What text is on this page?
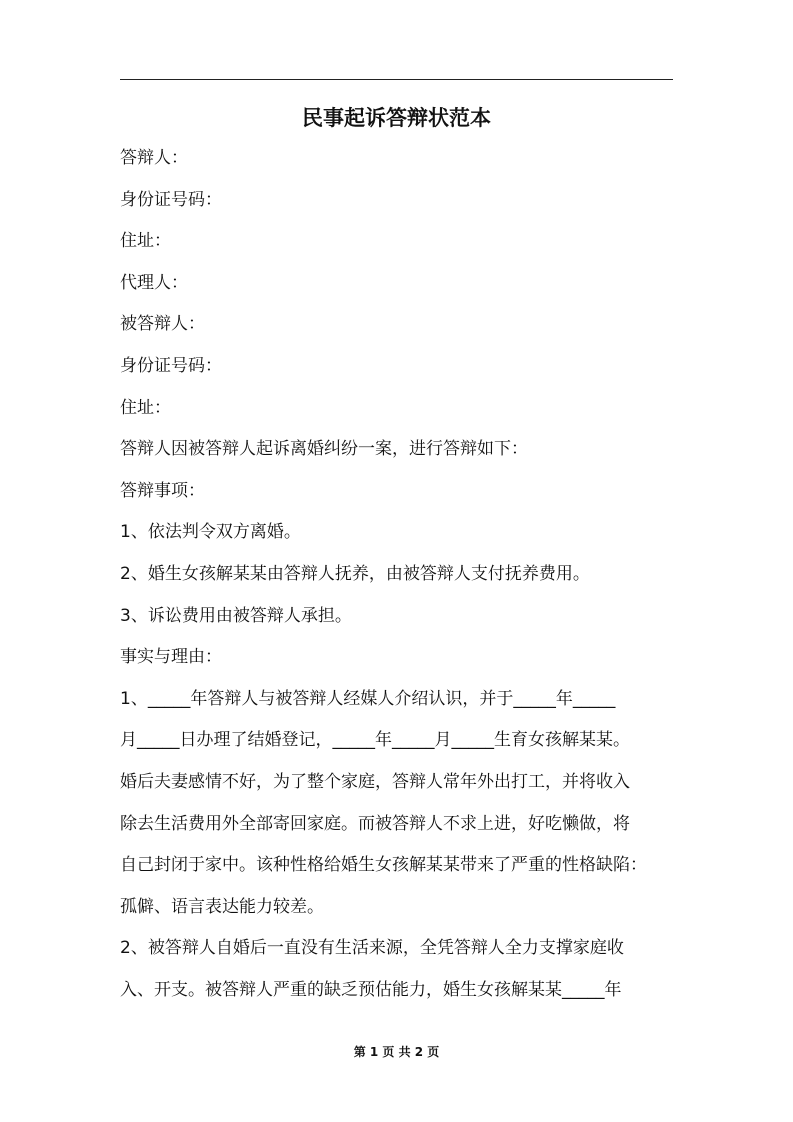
民事起诉答辩状范本
答辩人：
身份证号码：
住址：
代理人：
被答辩人：
身份证号码：
住址：
答辩人因被答辩人起诉离婚纠纷一案，进行答辩如下：
答辩事项：
1、依法判令双方离婚。
2、婚生女孩解某某由答辩人抚养，由被答辩人支付抚养费用。
3、诉讼费用由被答辩人承担。
事实与理由：
1、_____年答辩人与被答辩人经媒人介绍认识，并于_____年_____
月_____日办理了结婚登记，_____年_____月_____生育女孩解某某。
婚后夫妻感情不好，为了整个家庭，答辩人常年外出打工，并将收入
除去生活费用外全部寄回家庭。而被答辩人不求上进，好吃懒做，将
自己封闭于家中。该种性格给婚生女孩解某某带来了严重的性格缺陷：
孤僻、语言表达能力较差。
2、被答辩人自婚后一直没有生活来源，全凭答辩人全力支撑家庭收
入、开支。被答辩人严重的缺乏预估能力，婚生女孩解某某_____年
第 1 页 共 2 页
